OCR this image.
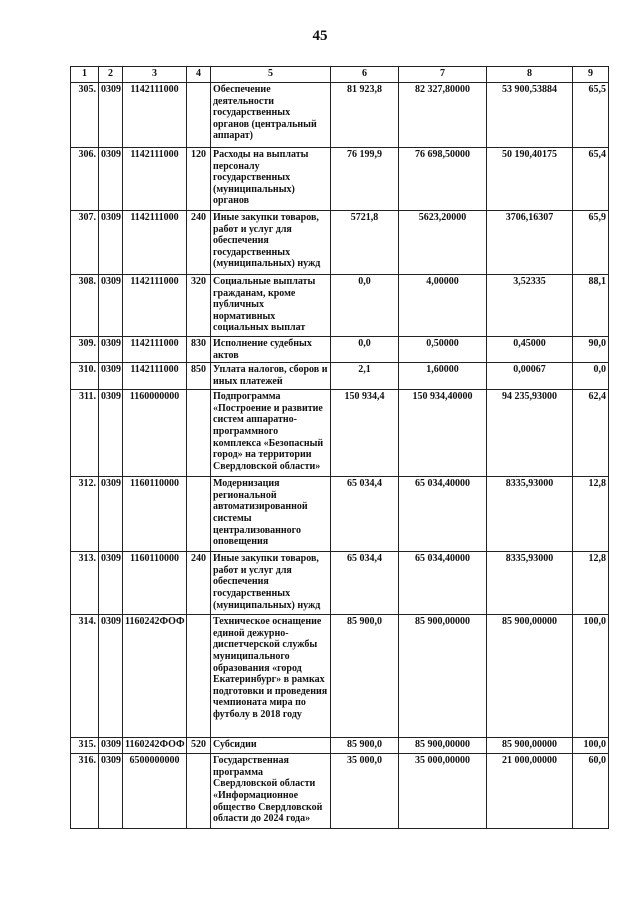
45
1	2	3	4	5	6	7	8	9
305.	0309	1142111000		Обеспечение деятельности государственных органов (центральный аппарат)	81 923,8	82 327,80000	53 900,53884	65,5
306.	0309	1142111000	120	Расходы на выплаты персоналу государственных (муниципальных) органов	76 199,9	76 698,50000	50 190,40175	65,4
307.	0309	1142111000	240	Иные закупки товаров, работ и услуг для обеспечения государственных (муниципальных) нужд	5721,8	5623,20000	3706,16307	65,9
308.	0309	1142111000	320	Социальные выплаты гражданам, кроме публичных нормативных социальных выплат	0,0	4,00000	3,52335	88,1
309.	0309	1142111000	830	Исполнение судебных актов	0,0	0,50000	0,45000	90,0
310.	0309	1142111000	850	Уплата налогов, сборов и иных платежей	2,1	1,60000	0,00067	0,0
311.	0309	1160000000		Подпрограмма «Построение и развитие систем аппаратно-программного комплекса «Безопасный город» на территории Свердловской области»	150 934,4	150 934,40000	94 235,93000	62,4
312.	0309	1160110000		Модернизация региональной автоматизированной системы централизованного оповещения	65 034,4	65 034,40000	8335,93000	12,8
313.	0309	1160110000	240	Иные закупки товаров, работ и услуг для обеспечения государственных (муниципальных) нужд	65 034,4	65 034,40000	8335,93000	12,8
314.	0309	1160242ФОФ		Техническое оснащение единой дежурно-диспетчерской службы муниципального образования «город Екатеринбург» в рамках подготовки и проведения чемпионата мира по футболу в 2018 году	85 900,0	85 900,00000	85 900,00000	100,0
315.	0309	1160242ФОФ	520	Субсидии	85 900,0	85 900,00000	85 900,00000	100,0
316.	0309	6500000000		Государственная программа Свердловской области «Информационное общество Свердловской области до 2024 года»	35 000,0	35 000,00000	21 000,00000	60,0
